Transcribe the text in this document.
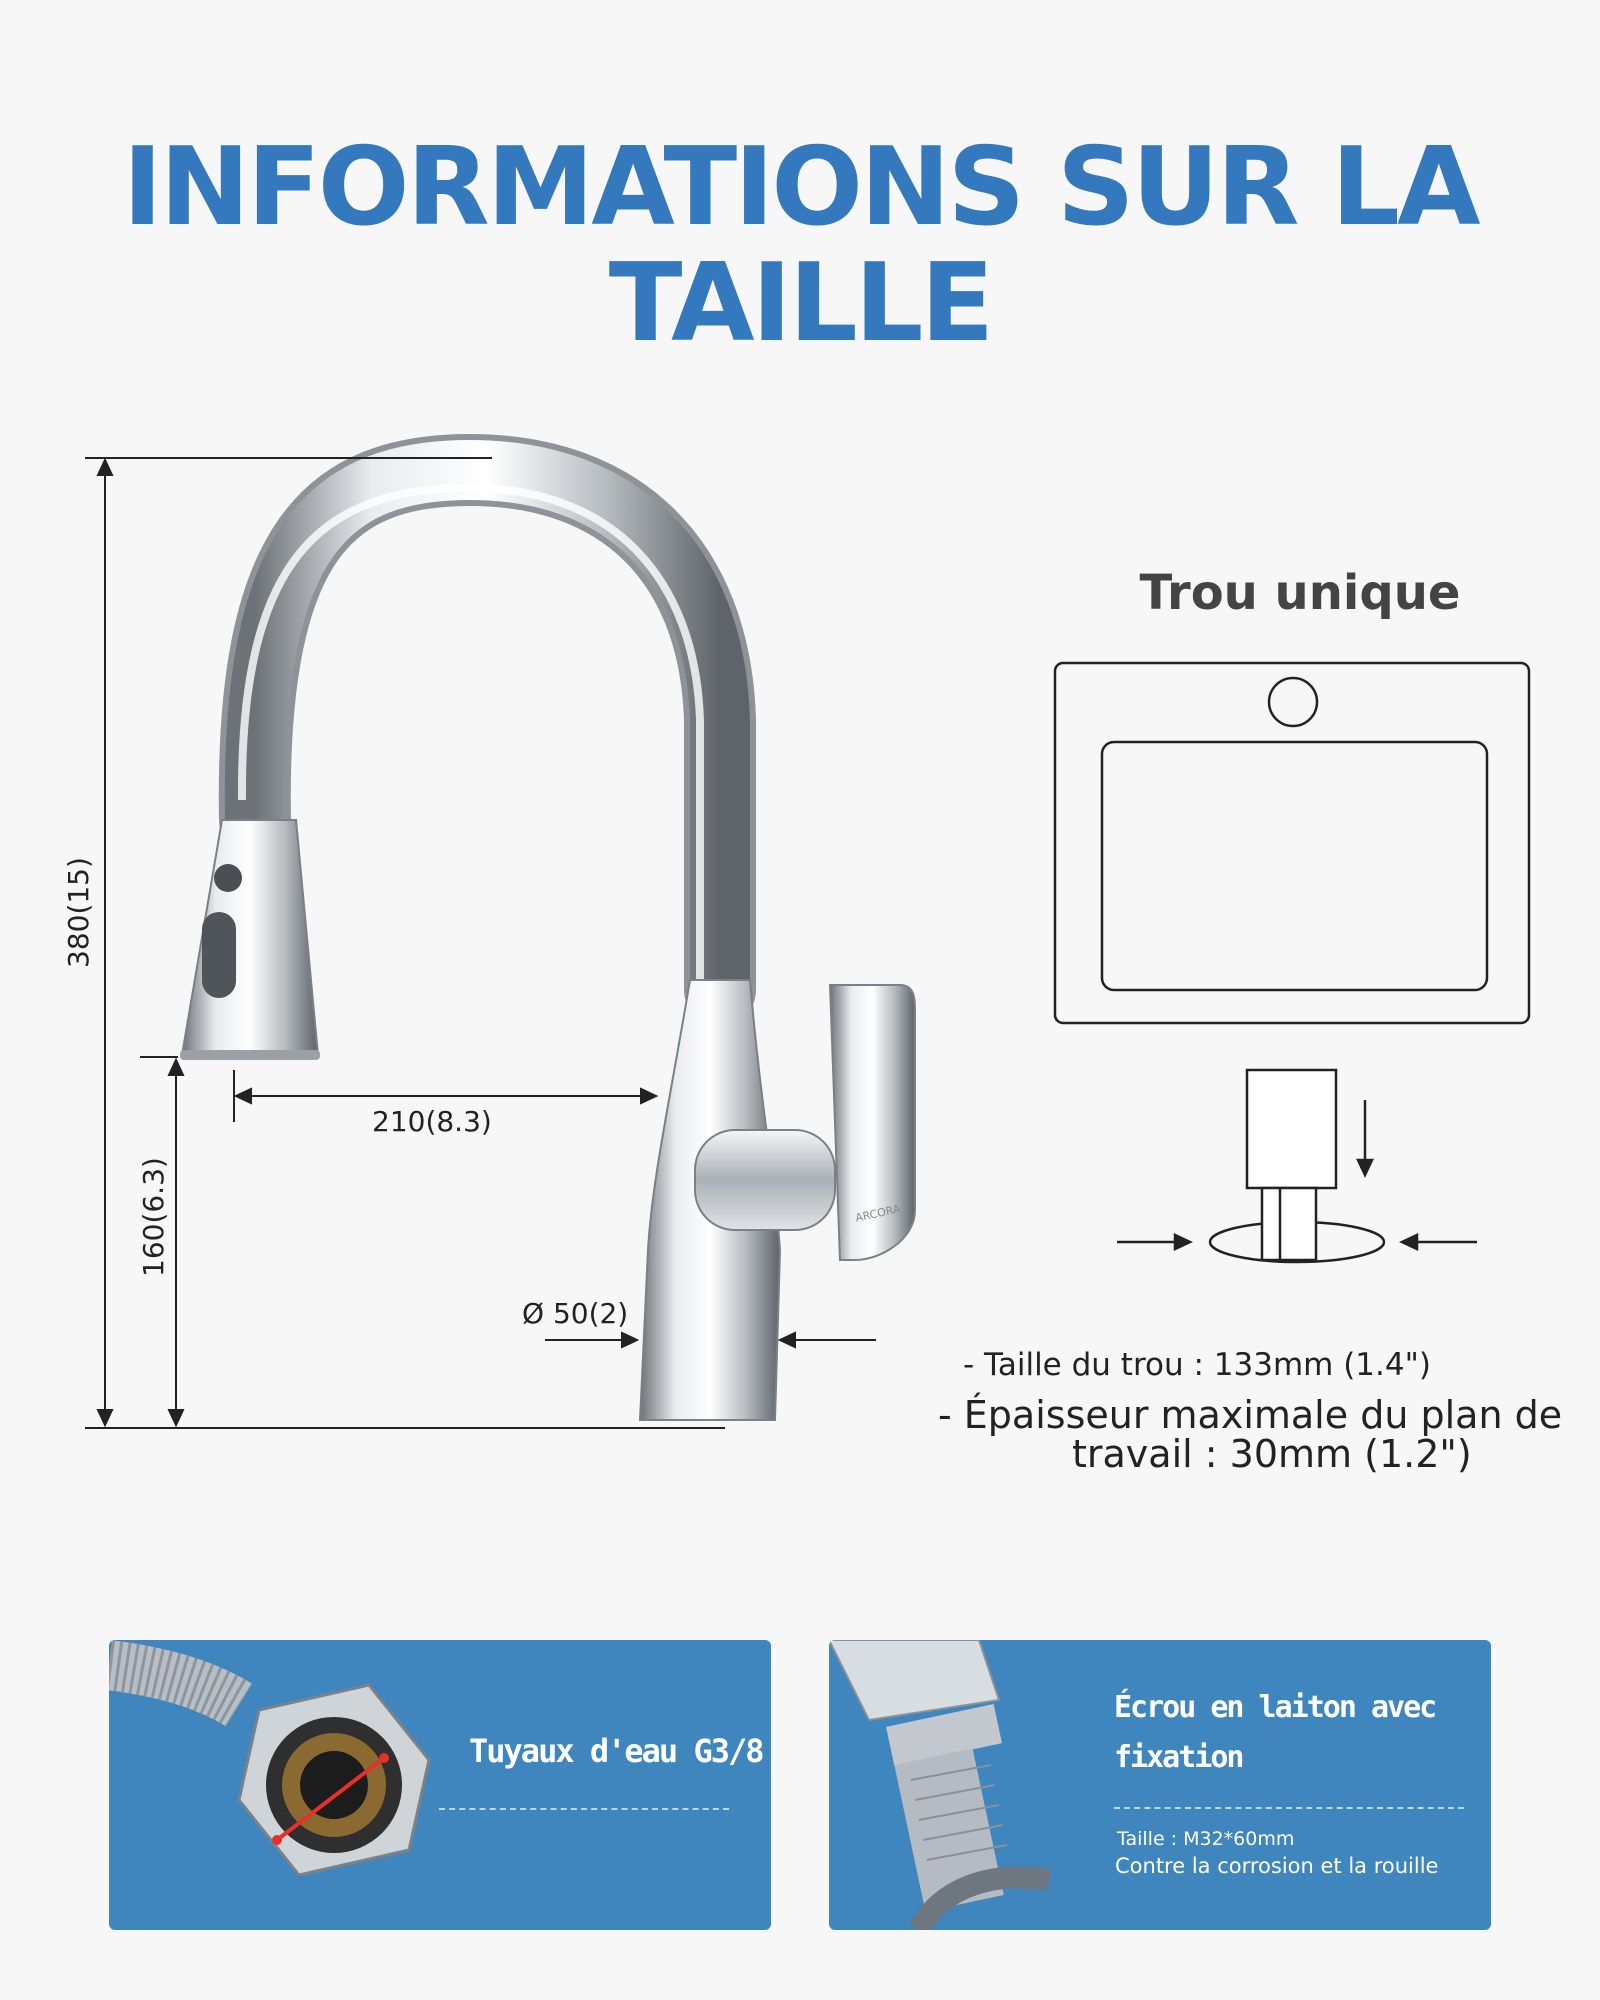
INFORMATIONS SUR LA
TAILLE
ARCORA
380(15)
160(6.3)
210(8.3)
Ø 50(2)
Trou unique
- Taille du trou : 133mm (1.4")
- Épaisseur maximale du plan de
travail : 30mm (1.2")
Tuyaux d'eau G3/8
Écrou en laiton avec
fixation
Taille : M32*60mm
Contre la corrosion et la rouille
